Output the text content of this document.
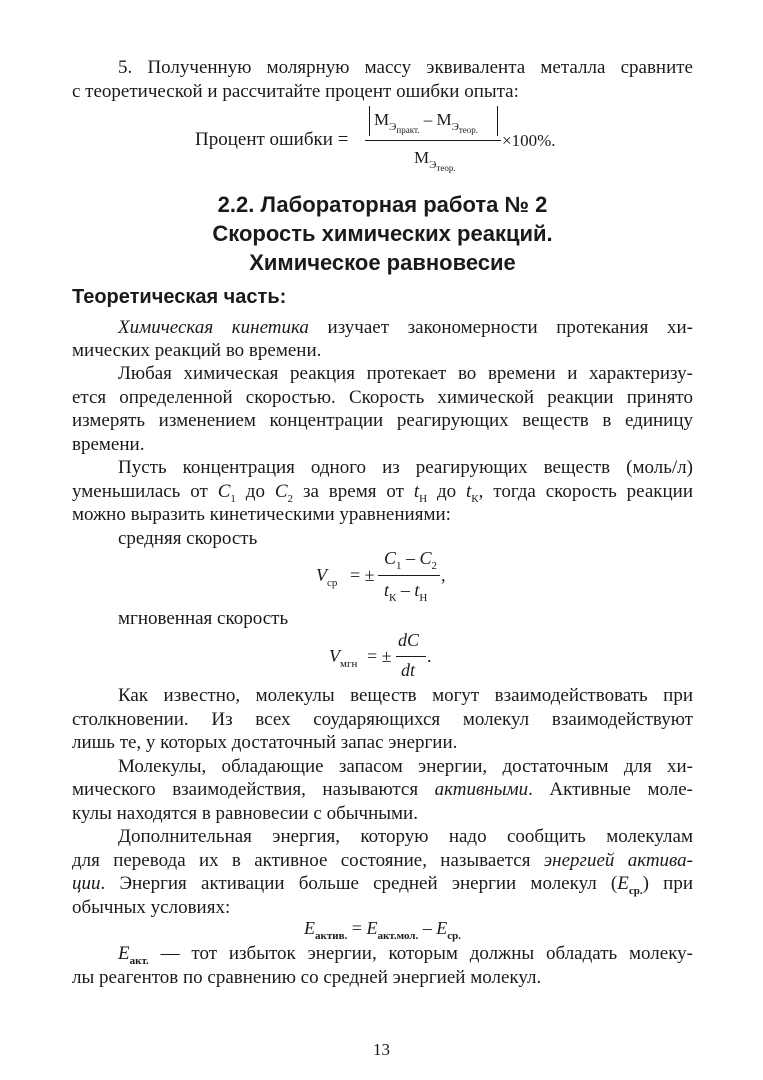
5. Полученную молярную массу эквивалента металла сравните

с теоретической и рассчитайте процент ошибки опыта:

Процент ошибки =
$М_{Эпракт.} - М_{Этеор.}$
$М_{Этеор.}$
×100%.
2.2. Лабораторная работа № 2
Скорость химических реакций.
Химическое равновесие
Теоретическая часть:

Химическая кинетика изучает закономерности протекания хи-

мических реакций во времени.

Любая химическая реакция протекает во времени и характеризу-

ется определенной скоростью. Скорость химической реакции принято

измерять изменением концентрации реагирующих веществ в единицу

времени.

Пусть концентрация одного из реагирующих веществ (моль/л)

уменьшилась от $C_1$ до $C_2$ за время от $t_Н$ до $t_К$, тогда скорость реакции

можно выразить кинетическими уравнениями:

средняя скорость

$V_{ср}$ = ±
$C_1 - C_2$
$t_К - t_Н$
,

мгновенная скорость

$V_{мгн}$ = ±
dC
dt
.

Как известно, молекулы веществ могут взаимодействовать при

столкновении. Из всех соударяющихся молекул взаимодействуют

лишь те, у которых достаточный запас энергии.

Молекулы, обладающие запасом энергии, достаточным для хи-

мического взаимодействия, называются активными. Активные моле-

кулы находятся в равновесии с обычными.

Дополнительная энергия, которую надо сообщить молекулам

для перевода их в активное состояние, называется энергией актива-

ции. Энергия активации больше средней энергии молекул $(E_{ср.})$ при

обычных условиях:

$E_{актив.} = E_{акт.мол.} - E_{ср.}$

$E_{акт.}$ — тот избыток энергии, которым должны обладать молеку-

лы реагентов по сравнению со средней энергией молекул.

13
